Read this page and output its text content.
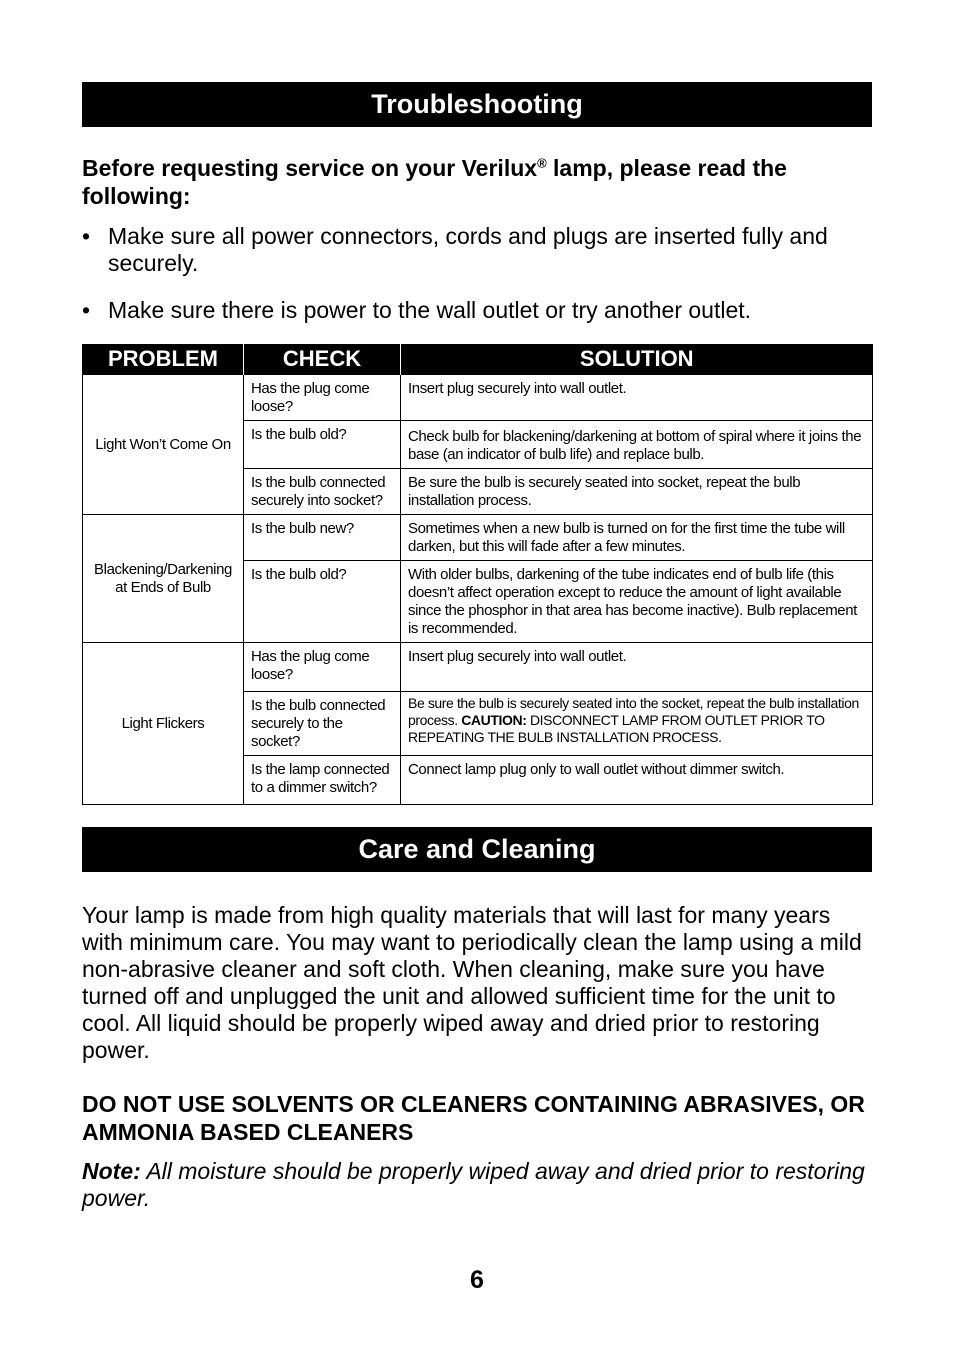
Troubleshooting
Before requesting service on your Verilux® lamp, please read the following:
• Make sure all power connectors, cords and plugs are inserted fully and securely.
• Make sure there is power to the wall outlet or try another outlet.
PROBLEM	CHECK	SOLUTION
Light Won’t Come On	Has the plug come loose?	Insert plug securely into wall outlet.
	Is the bulb old?	Check bulb for blackening/darkening at bottom of spiral where it joins the base (an indicator of bulb life) and replace bulb.
	Is the bulb connected securely into socket?	Be sure the bulb is securely seated into socket, repeat the bulb installation process.
Blackening/Darkening at Ends of Bulb	Is the bulb new?	Sometimes when a new bulb is turned on for the first time the tube will darken, but this will fade after a few minutes.
	Is the bulb old?	With older bulbs, darkening of the tube indicates end of bulb life (this doesn’t affect operation except to reduce the amount of light available since the phosphor in that area has become inactive). Bulb replacement is recommended.
Light Flickers	Has the plug come loose?	Insert plug securely into wall outlet.
	Is the bulb connected securely to the socket?	Be sure the bulb is securely seated into the socket, repeat the bulb installation process. CAUTION: DISCONNECT LAMP FROM OUTLET PRIOR TO REPEATING THE BULB INSTALLATION PROCESS.
	Is the lamp connected to a dimmer switch?	Connect lamp plug only to wall outlet without dimmer switch.
Care and Cleaning
Your lamp is made from high quality materials that will last for many years with minimum care. You may want to periodically clean the lamp using a mild non-abrasive cleaner and soft cloth. When cleaning, make sure you have turned off and unplugged the unit and allowed sufficient time for the unit to cool. All liquid should be properly wiped away and dried prior to restoring power.
DO NOT USE SOLVENTS OR CLEANERS CONTAINING ABRASIVES, OR AMMONIA BASED CLEANERS
Note: All moisture should be properly wiped away and dried prior to restoring power.
6
